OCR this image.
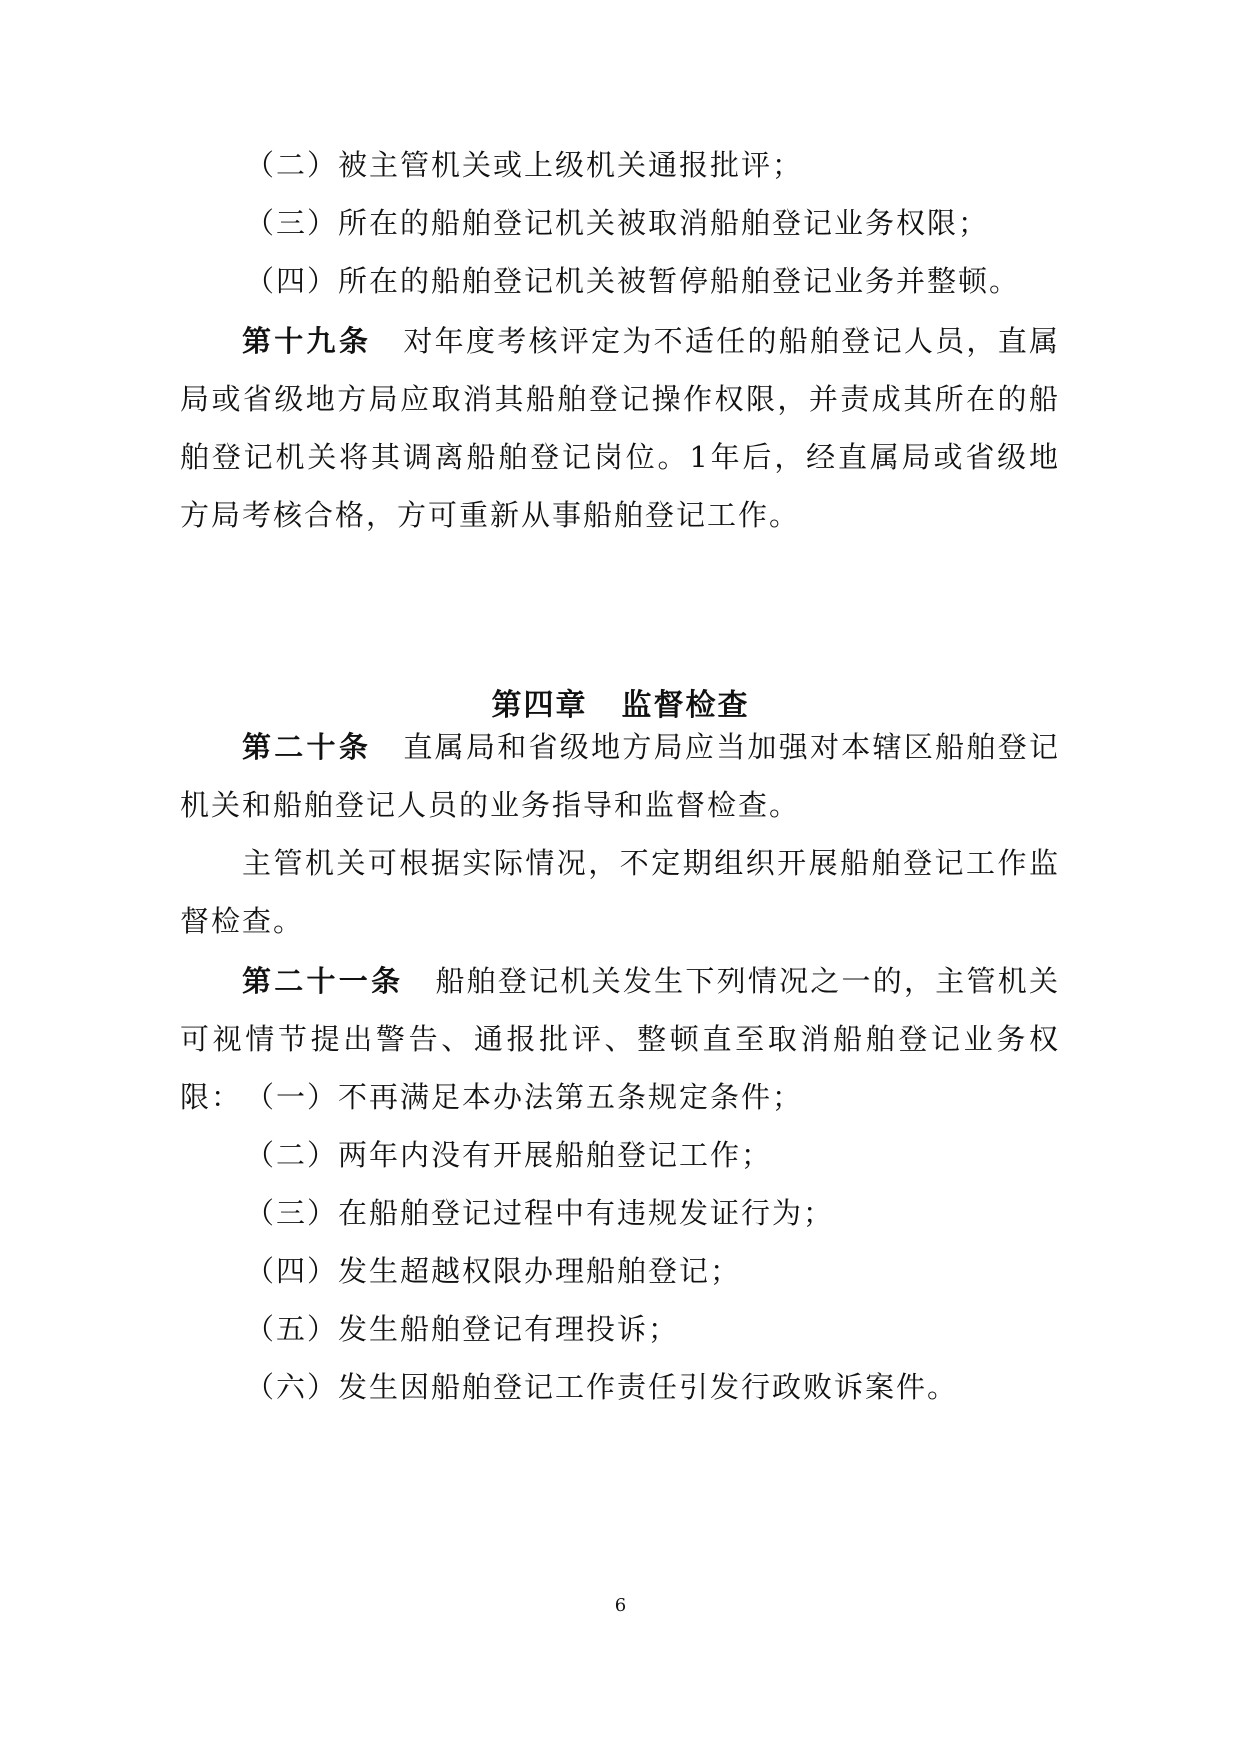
（二）被主管机关或上级机关通报批评；

（三）所在的船舶登记机关被取消船舶登记业务权限；

（四）所在的船舶登记机关被暂停船舶登记业务并整顿。

第十九条 对年度考核评定为不适任的船舶登记人员，直属局或省级地方局应取消其船舶登记操作权限，并责成其所在的船舶登记机关将其调离船舶登记岗位。1年后，经直属局或省级地方局考核合格，方可重新从事船舶登记工作。

第四章 监督检查

第二十条 直属局和省级地方局应当加强对本辖区船舶登记机关和船舶登记人员的业务指导和监督检查。

主管机关可根据实际情况，不定期组织开展船舶登记工作监督检查。

第二十一条 船舶登记机关发生下列情况之一的，主管机关可视情节提出警告、通报批评、整顿直至取消船舶登记业务权限： （一）不再满足本办法第五条规定条件；

（二）两年内没有开展船舶登记工作；

（三）在船舶登记过程中有违规发证行为；

（四）发生超越权限办理船舶登记；

（五）发生船舶登记有理投诉；

（六）发生因船舶登记工作责任引发行政败诉案件。

6
